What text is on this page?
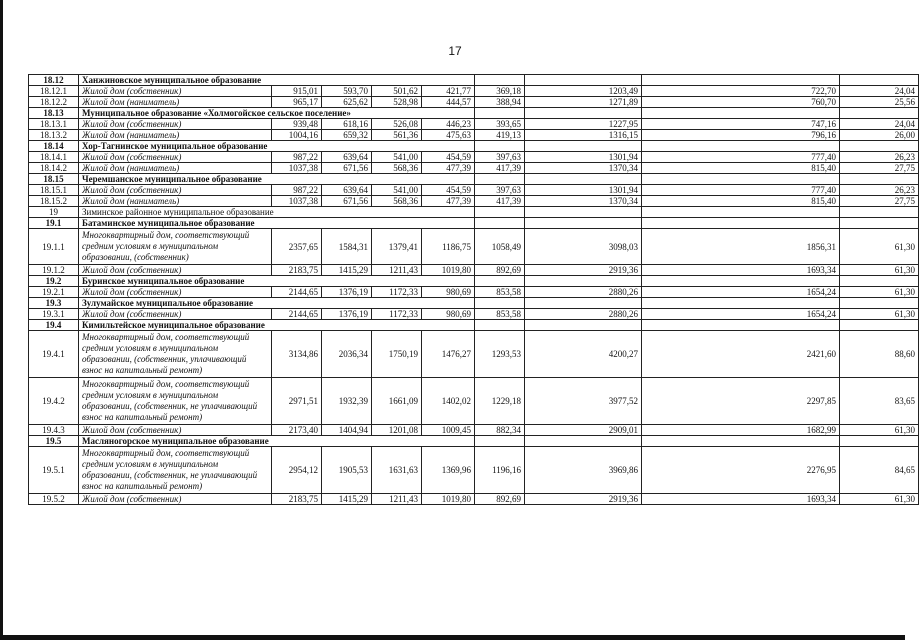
17
18.12	Ханжиновское муниципальное образование								
18.12.1	Жилой дом (собственник)	915,01	593,70	501,62	421,77	369,18	1203,49	722,70	24,04
18.12.2	Жилой дом (наниматель)	965,17	625,62	528,98	444,57	388,94	1271,89	760,70	25,56
18.13	Муниципальное образование «Холмогойское сельское поселение»								
18.13.1	Жилой дом (собственник)	939,48	618,16	526,08	446,23	393,65	1227,95	747,16	24,04
18.13.2	Жилой дом (наниматель)	1004,16	659,32	561,36	475,63	419,13	1316,15	796,16	26,00
18.14	Хор-Тагнинское муниципальное образование								
18.14.1	Жилой дом (собственник)	987,22	639,64	541,00	454,59	397,63	1301,94	777,40	26,23
18.14.2	Жилой дом (наниматель)	1037,38	671,56	568,36	477,39	417,39	1370,34	815,40	27,75
18.15	Черемшанское муниципальное образование								
18.15.1	Жилой дом (собственник)	987,22	639,64	541,00	454,59	397,63	1301,94	777,40	26,23
18.15.2	Жилой дом (наниматель)	1037,38	671,56	568,36	477,39	417,39	1370,34	815,40	27,75
19	Зиминское районное муниципальное образование								
19.1	Батаминское муниципальное образование								
19.1.1	Многоквартирный дом, соответствующий средним условиям в муниципальном образовании, (собственник)	2357,65	1584,31	1379,41	1186,75	1058,49	3098,03	1856,31	61,30
19.1.2	Жилой дом (собственник)	2183,75	1415,29	1211,43	1019,80	892,69	2919,36	1693,34	61,30
19.2	Буринское муниципальное образование								
19.2.1	Жилой дом (собственник)	2144,65	1376,19	1172,33	980,69	853,58	2880,26	1654,24	61,30
19.3	Зулумайское муниципальное образование								
19.3.1	Жилой дом (собственник)	2144,65	1376,19	1172,33	980,69	853,58	2880,26	1654,24	61,30
19.4	Кимильтейское муниципальное образование								
19.4.1	Многоквартирный дом, соответствующий средним условиям в муниципальном образовании, (собственник, уплачивающий взнос на капитальный ремонт)	3134,86	2036,34	1750,19	1476,27	1293,53	4200,27	2421,60	88,60
19.4.2	Многоквартирный дом, соответствующий средним условиям в муниципальном образовании, (собственник, не уплачивающий взнос на капитальный ремонт)	2971,51	1932,39	1661,09	1402,02	1229,18	3977,52	2297,85	83,65
19.4.3	Жилой дом (собственник)	2173,40	1404,94	1201,08	1009,45	882,34	2909,01	1682,99	61,30
19.5	Масляногорское муниципальное образование								
19.5.1	Многоквартирный дом, соответствующий средним условиям в муниципальном образовании, (собственник, не уплачивающий взнос на капитальный ремонт)	2954,12	1905,53	1631,63	1369,96	1196,16	3969,86	2276,95	84,65
19.5.2	Жилой дом (собственник)	2183,75	1415,29	1211,43	1019,80	892,69	2919,36	1693,34	61,30
